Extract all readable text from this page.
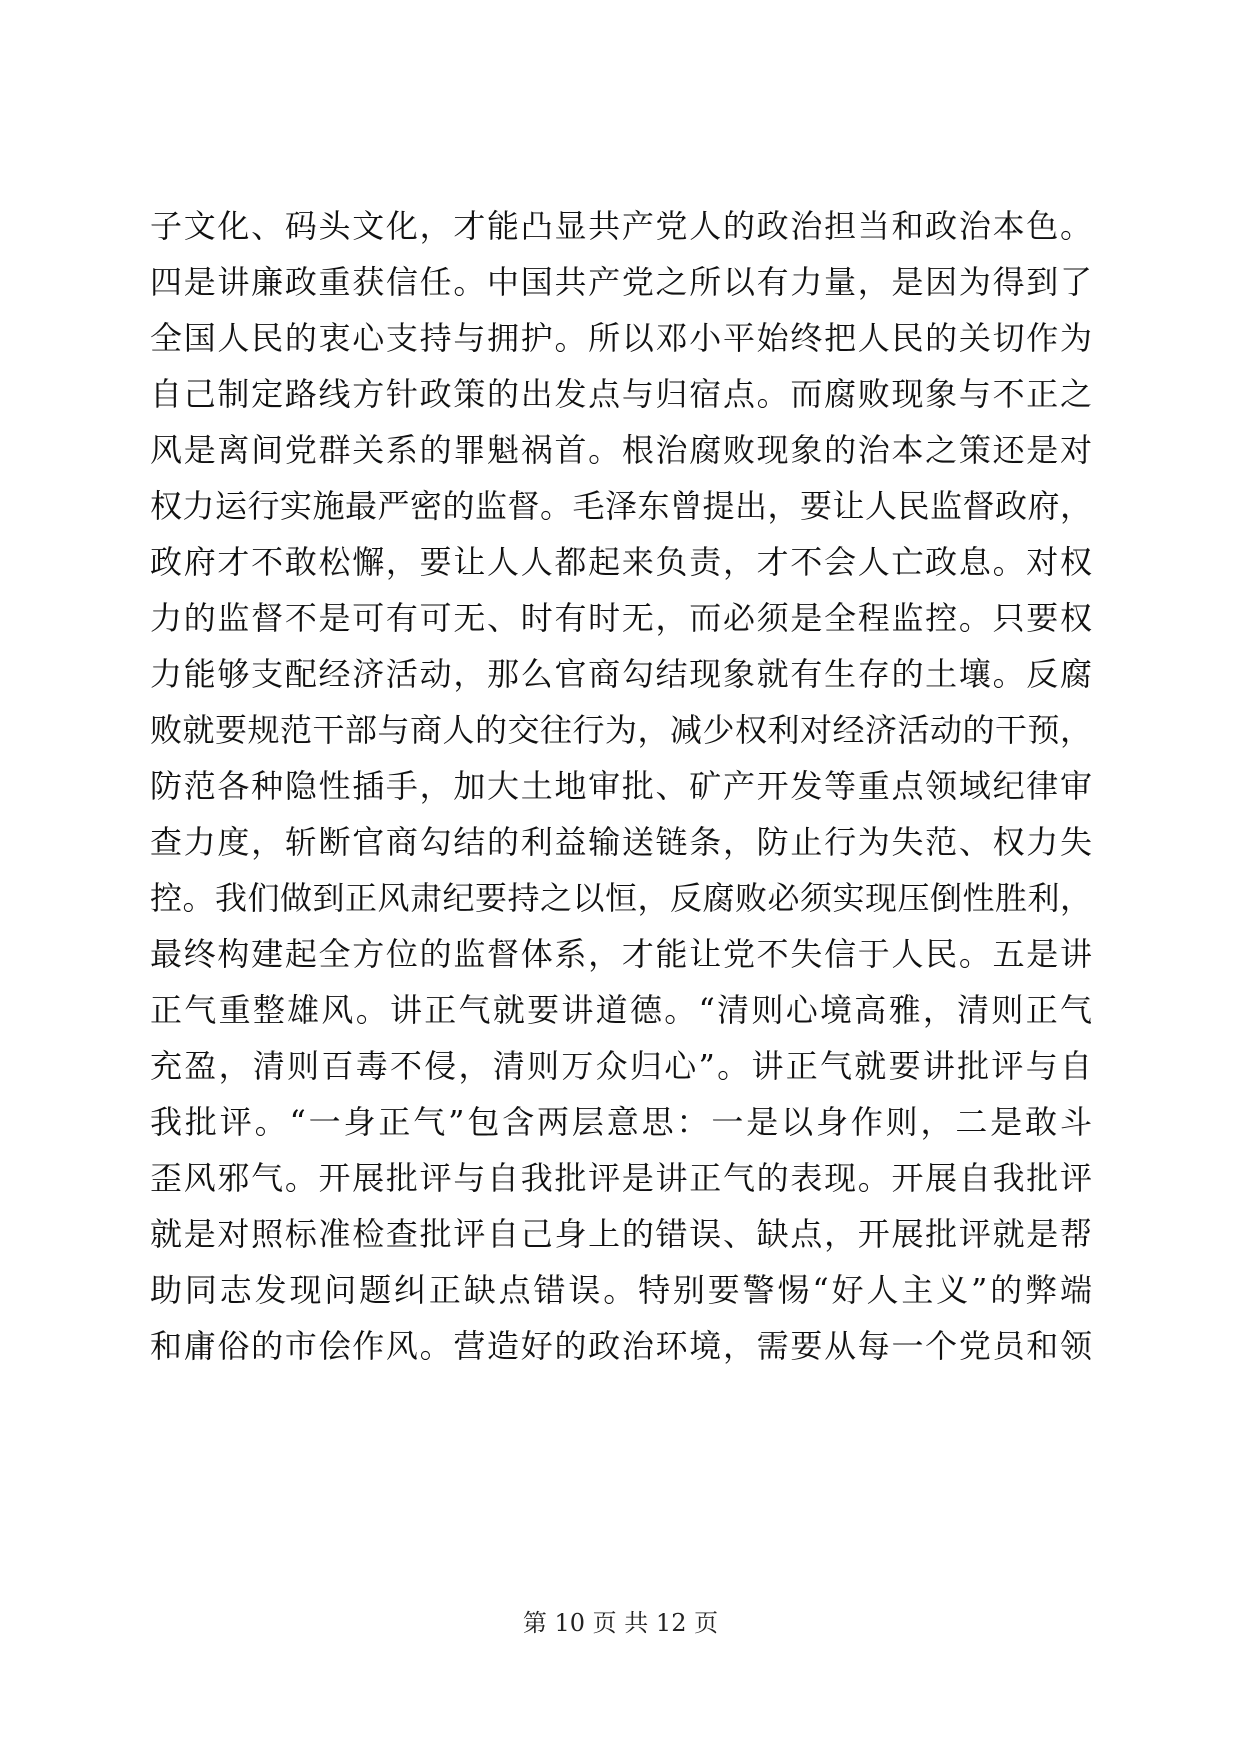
子文化、码头文化，才能凸显共产党人的政治担当和政治本色。
四是讲廉政重获信任。中国共产党之所以有力量，是因为得到了
全国人民的衷心支持与拥护。所以邓小平始终把人民的关切作为
自己制定路线方针政策的出发点与归宿点。而腐败现象与不正之
风是离间党群关系的罪魁祸首。根治腐败现象的治本之策还是对
权力运行实施最严密的监督。毛泽东曾提出，要让人民监督政府，
政府才不敢松懈，要让人人都起来负责，才不会人亡政息。对权
力的监督不是可有可无、时有时无，而必须是全程监控。只要权
力能够支配经济活动，那么官商勾结现象就有生存的土壤。反腐
败就要规范干部与商人的交往行为，减少权利对经济活动的干预，
防范各种隐性插手，加大土地审批、矿产开发等重点领域纪律审
查力度，斩断官商勾结的利益输送链条，防止行为失范、权力失
控。我们做到正风肃纪要持之以恒，反腐败必须实现压倒性胜利，
最终构建起全方位的监督体系，才能让党不失信于人民。五是讲
正气重整雄风。讲正气就要讲道德。“清则心境高雅，清则正气
充盈，清则百毒不侵，清则万众归心”。讲正气就要讲批评与自
我批评。“一身正气”包含两层意思：一是以身作则，二是敢斗
歪风邪气。开展批评与自我批评是讲正气的表现。开展自我批评
就是对照标准检查批评自己身上的错误、缺点，开展批评就是帮
助同志发现问题纠正缺点错误。特别要警惕“好人主义”的弊端
和庸俗的市侩作风。营造好的政治环境，需要从每一个党员和领
第 10 页 共 12 页
